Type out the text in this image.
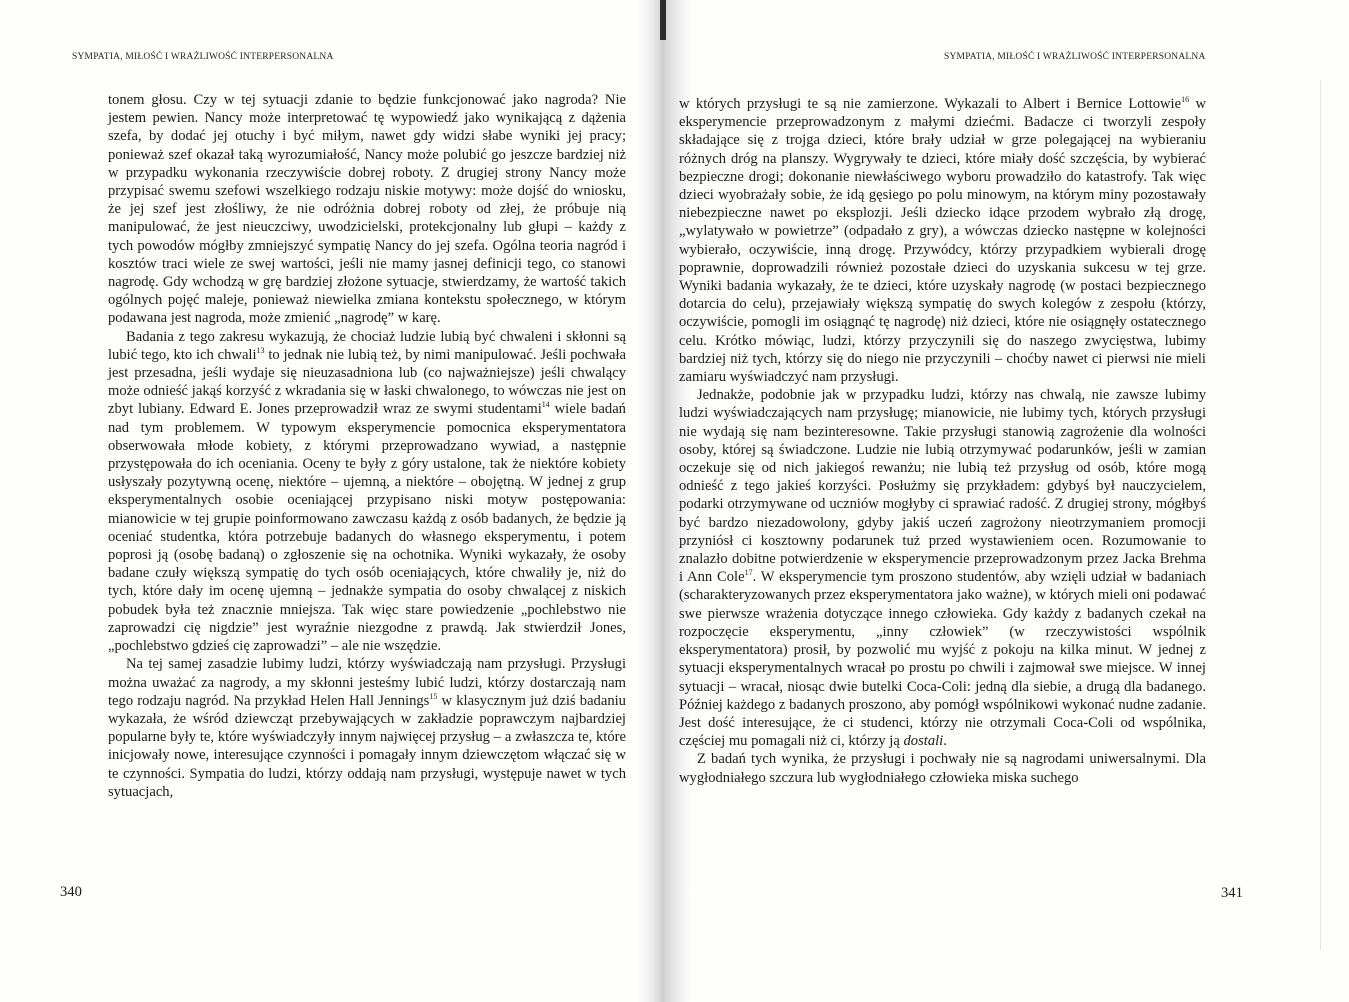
SYMPATIA, MIŁOŚĆ I WRAŻLIWOŚĆ INTERPERSONALNA

tonem głosu. Czy w tej sytuacji zdanie to będzie funkcjonować jako nagroda? Nie jestem pewien. Nancy może interpretować tę wypowiedź jako wynikającą z dążenia szefa, by dodać jej otuchy i być miłym, nawet gdy widzi słabe wyniki jej pracy; ponieważ szef okazał taką wyrozumiałość, Nancy może polubić go jeszcze bardziej niż w przypadku wykonania rzeczywiście dobrej roboty. Z drugiej strony Nancy może przypisać swemu szefowi wszelkiego rodzaju niskie motywy: może dojść do wniosku, że jej szef jest złośliwy, że nie odróżnia dobrej roboty od złej, że próbuje nią manipulować, że jest nieuczciwy, uwodzicielski, protekcjonalny lub głupi – każdy z tych powodów mógłby zmniejszyć sympatię Nancy do jej szefa. Ogólna teoria nagród i kosztów traci wiele ze swej wartości, jeśli nie mamy jasnej definicji tego, co stanowi nagrodę. Gdy wchodzą w grę bardziej złożone sytuacje, stwierdzamy, że wartość takich ogólnych pojęć maleje, ponieważ niewielka zmiana kontekstu społecznego, w którym podawana jest nagroda, może zmienić „nagrodę” w karę.

Badania z tego zakresu wykazują, że chociaż ludzie lubią być chwaleni i skłonni są lubić tego, kto ich chwali$^{13}$ to jednak nie lubią też, by nimi manipulować. Jeśli pochwała jest przesadna, jeśli wydaje się nieuzasadniona lub (co najważniejsze) jeśli chwalący może odnieść jakąś korzyść z wkradania się w łaski chwalonego, to wówczas nie jest on zbyt lubiany. Edward E. Jones przeprowadził wraz ze swymi studentami$^{14}$ wiele badań nad tym problemem. W typowym eksperymencie pomocnica eksperymentatora obserwowała młode kobiety, z którymi przeprowadzano wywiad, a następnie przystępowała do ich oceniania. Oceny te były z góry ustalone, tak że niektóre kobiety usłyszały pozytywną ocenę, niektóre – ujemną, a niektóre – obojętną. W jednej z grup eksperymentalnych osobie oceniającej przypisano niski motyw postępowania: mianowicie w tej grupie poinformowano zawczasu każdą z osób badanych, że będzie ją oceniać studentka, która potrzebuje badanych do własnego eksperymentu, i potem poprosi ją (osobę badaną) o zgłoszenie się na ochotnika. Wyniki wykazały, że osoby badane czuły większą sympatię do tych osób oceniających, które chwaliły je, niż do tych, które dały im ocenę ujemną – jednakże sympatia do osoby chwalącej z niskich pobudek była też znacznie mniejsza. Tak więc stare powiedzenie „pochlebstwo nie zaprowadzi cię nigdzie” jest wyraźnie niezgodne z prawdą. Jak stwierdził Jones, „pochlebstwo gdzieś cię zaprowadzi” – ale nie wszędzie.

Na tej samej zasadzie lubimy ludzi, którzy wyświadczają nam przysługi. Przysługi można uważać za nagrody, a my skłonni jesteśmy lubić ludzi, którzy dostarczają nam tego rodzaju nagród. Na przykład Helen Hall Jennings$^{15}$ w klasycznym już dziś badaniu wykazała, że wśród dziewcząt przebywających w zakładzie poprawczym najbardziej popularne były te, które wyświadczyły innym najwięcej przysług – a zwłaszcza te, które inicjowały nowe, interesujące czynności i pomagały innym dziewczętom włączać się w te czynności. Sympatia do ludzi, którzy oddają nam przysługi, występuje nawet w tych sytuacjach,

340
SYMPATIA, MIŁOŚĆ I WRAŻLIWOŚĆ INTERPERSONALNA

w których przysługi te są nie zamierzone. Wykazali to Albert i Bernice Lottowie$^{16}$ w eksperymencie przeprowadzonym z małymi dziećmi. Badacze ci tworzyli zespoły składające się z trojga dzieci, które brały udział w grze polegającej na wybieraniu różnych dróg na planszy. Wygrywały te dzieci, które miały dość szczęścia, by wybierać bezpieczne drogi; dokonanie niewłaściwego wyboru prowadziło do katastrofy. Tak więc dzieci wyobrażały sobie, że idą gęsiego po polu minowym, na którym miny pozostawały niebezpieczne nawet po eksplozji. Jeśli dziecko idące przodem wybrało złą drogę, „wylatywało w powietrze” (odpadało z gry), a wówczas dziecko następne w kolejności wybierało, oczywiście, inną drogę. Przywódcy, którzy przypadkiem wybierali drogę poprawnie, doprowadzili również pozostałe dzieci do uzyskania sukcesu w tej grze. Wyniki badania wykazały, że te dzieci, które uzyskały nagrodę (w postaci bezpiecznego dotarcia do celu), przejawiały większą sympatię do swych kolegów z zespołu (którzy, oczywiście, pomogli im osiągnąć tę nagrodę) niż dzieci, które nie osiągnęły ostatecznego celu. Krótko mówiąc, ludzi, którzy przyczynili się do naszego zwycięstwa, lubimy bardziej niż tych, którzy się do niego nie przyczynili – choćby nawet ci pierwsi nie mieli zamiaru wyświadczyć nam przysługi.

Jednakże, podobnie jak w przypadku ludzi, którzy nas chwalą, nie zawsze lubimy ludzi wyświadczających nam przysługę; mianowicie, nie lubimy tych, których przysługi nie wydają się nam bezinteresowne. Takie przysługi stanowią zagrożenie dla wolności osoby, której są świadczone. Ludzie nie lubią otrzymywać podarunków, jeśli w zamian oczekuje się od nich jakiegoś rewanżu; nie lubią też przysług od osób, które mogą odnieść z tego jakieś korzyści. Posłużmy się przykładem: gdybyś był nauczycielem, podarki otrzymywane od uczniów mogłyby ci sprawiać radość. Z drugiej strony, mógłbyś być bardzo niezadowolony, gdyby jakiś uczeń zagrożony nieotrzymaniem promocji przyniósł ci kosztowny podarunek tuż przed wystawieniem ocen. Rozumowanie to znalazło dobitne potwierdzenie w eksperymencie przeprowadzonym przez Jacka Brehma i Ann Cole$^{17}$. W eksperymencie tym proszono studentów, aby wzięli udział w badaniach (scharakteryzowanych przez eksperymentatora jako ważne), w których mieli oni podawać swe pierwsze wrażenia dotyczące innego człowieka. Gdy każdy z badanych czekał na rozpoczęcie eksperymentu, „inny człowiek” (w rzeczywistości wspólnik eksperymentatora) prosił, by pozwolić mu wyjść z pokoju na kilka minut. W jednej z sytuacji eksperymentalnych wracał po prostu po chwili i zajmował swe miejsce. W innej sytuacji – wracał, niosąc dwie butelki Coca-Coli: jedną dla siebie, a drugą dla badanego. Później każdego z badanych proszono, aby pomógł wspólnikowi wykonać nudne zadanie. Jest dość interesujące, że ci studenci, którzy nie otrzymali Coca-Coli od wspólnika, częściej mu pomagali niż ci, którzy ją dostali.

Z badań tych wynika, że przysługi i pochwały nie są nagrodami uniwersalnymi. Dla wygłodniałego szczura lub wygłodniałego człowieka miska suchego

341
